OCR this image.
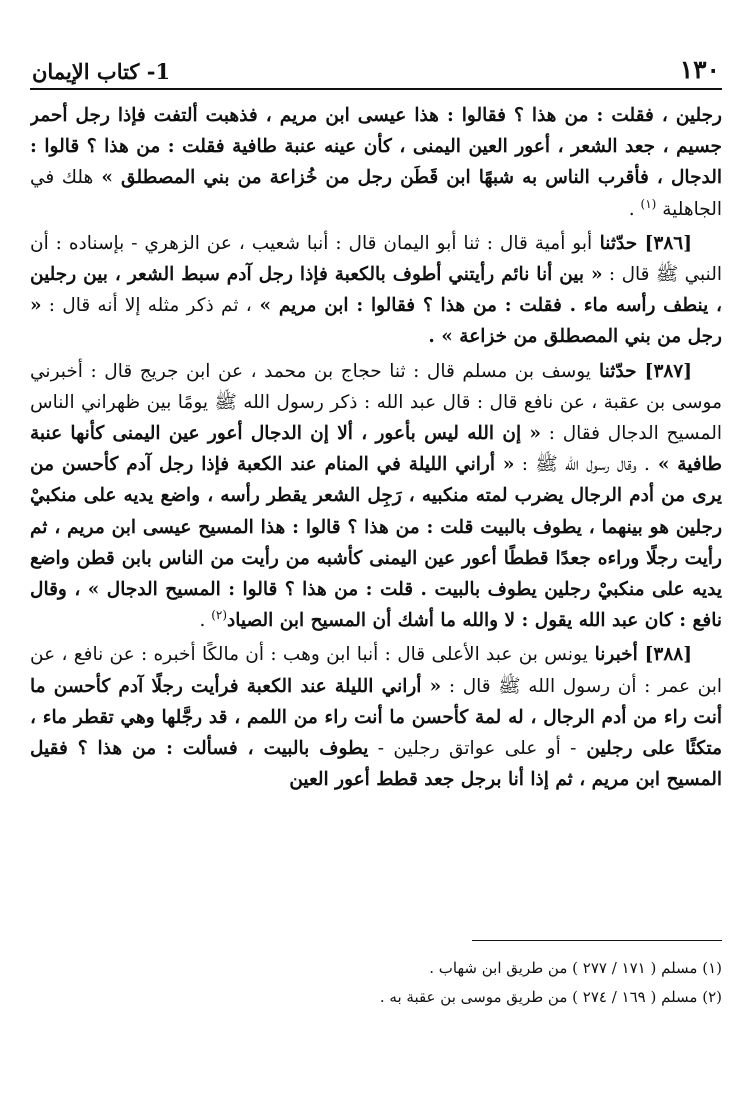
١٣٠
1- كتاب الإيمان

رجلين ، فقلت : من هذا ؟ فقالوا : هذا عيسى ابن مريم ، فذهبت ألتفت فإذا رجل أحمر جسيم ، جعد الشعر ، أعور العين اليمنى ، كأن عينه عنبة طافية فقلت : من هذا ؟ قالوا : الدجال ، فأقرب الناس به شبهًا ابن قَطَن رجل من خُزاعة من بني المصطلق » هلك في الجاهلية $^{(١)}$ .

[٣٨٦] حدّثنا أبو أمية قال : ثنا أبو اليمان قال : أنبا شعيب ، عن الزهري - بإسناده : أن النبي ﷺ قال : « بين أنا نائم رأيتني أطوف بالكعبة فإذا رجل آدم سبط الشعر ، بين رجلين ، ينطف رأسه ماء . فقلت : من هذا ؟ فقالوا : ابن مريم » ، ثم ذكر مثله إلا أنه قال : « رجل من بني المصطلق من خزاعة » .

[٣٨٧] حدّثنا يوسف بن مسلم قال : ثنا حجاج بن محمد ، عن ابن جريج قال : أخبرني موسى بن عقبة ، عن نافع قال : قال عبد الله : ذكر رسول الله ﷺ يومًا بين ظهراني الناس المسيح الدجال فقال : « إن الله ليس بأعور ، ألا إن الدجال أعور عين اليمنى كأنها عنبة طافية » . وقال رسول الله ﷺ : « أراني الليلة في المنام عند الكعبة فإذا رجل آدم كأحسن من يرى من أدم الرجال يضرب لمته منكبيه ، رَجِل الشعر يقطر رأسه ، واضع يديه على منكبيْ رجلين هو بينهما ، يطوف بالبيت قلت : من هذا ؟ قالوا : هذا المسيح عيسى ابن مريم ، ثم رأيت رجلًا وراءه جعدًا قططًا أعور عين اليمنى كأشبه من رأيت من الناس بابن قطن واضع يديه على منكبيْ رجلين يطوف بالبيت . قلت : من هذا ؟ قالوا : المسيح الدجال » ، وقال نافع : كان عبد الله يقول : لا والله ما أشك أن المسيح ابن الصياد$^{(٢)}$ .

[٣٨٨] أخبرنا يونس بن عبد الأعلى قال : أنبا ابن وهب : أن مالكًا أخبره : عن نافع ، عن ابن عمر : أن رسول الله ﷺ قال : « أراني الليلة عند الكعبة فرأيت رجلًا آدم كأحسن ما أنت راء من أدم الرجال ، له لمة كأحسن ما أنت راء من اللمم ، قد رجَّلها وهي تقطر ماء ، متكئًا على رجلين - أو على عواتق رجلين - يطوف بالبيت ، فسألت : من هذا ؟ فقيل المسيح ابن مريم ، ثم إذا أنا برجل جعد قطط أعور العين

(١) مسلم ( ١٧١ / ٢٧٧ ) من طريق ابن شهاب .

(٢) مسلم ( ١٦٩ / ٢٧٤ ) من طريق موسى بن عقبة به .
